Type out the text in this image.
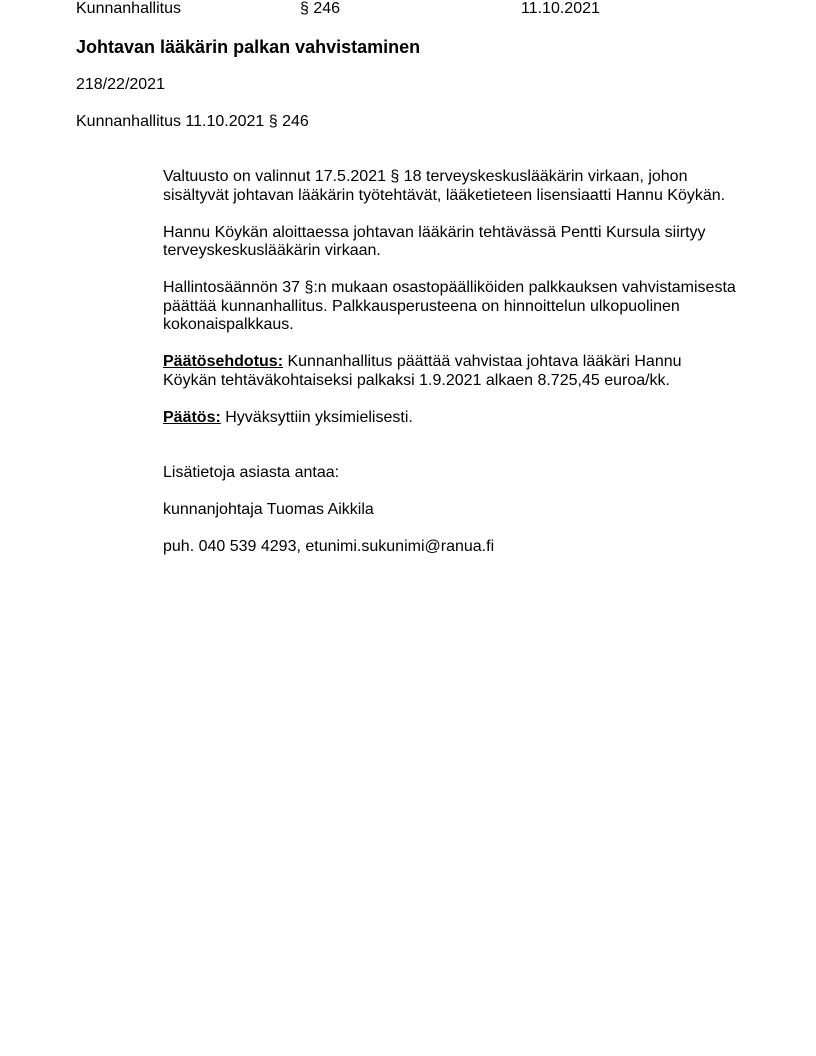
Kunnanhallitus	§ 246	11.10.2021
Johtavan lääkärin palkan vahvistaminen
218/22/2021
Kunnanhallitus 11.10.2021 § 246

Valtuusto on valinnut 17.5.2021 § 18 terveyskeskuslääkärin virkaan, johon
sisältyvät johtavan lääkärin työtehtävät, lääketieteen lisensiaatti Hannu Köykän.

Hannu Köykän aloittaessa johtavan lääkärin tehtävässä Pentti Kursula siirtyy
terveyskeskuslääkärin virkaan.

Hallintosäännön 37 §:n mukaan osastopäälliköiden palkkauksen vahvistamisesta
päättää kunnanhallitus. Palkkausperusteena on hinnoittelun ulkopuolinen
kokonaispalkkaus.

Päätösehdotus: Kunnanhallitus päättää vahvistaa johtava lääkäri Hannu
Köykän tehtäväkohtaiseksi palkaksi 1.9.2021 alkaen 8.725,45 euroa/kk.

Päätös: Hyväksyttiin yksimielisesti.

Lisätietoja asiasta antaa:

kunnanjohtaja Tuomas Aikkila

puh. 040 539 4293, etunimi.sukunimi@ranua.fi
